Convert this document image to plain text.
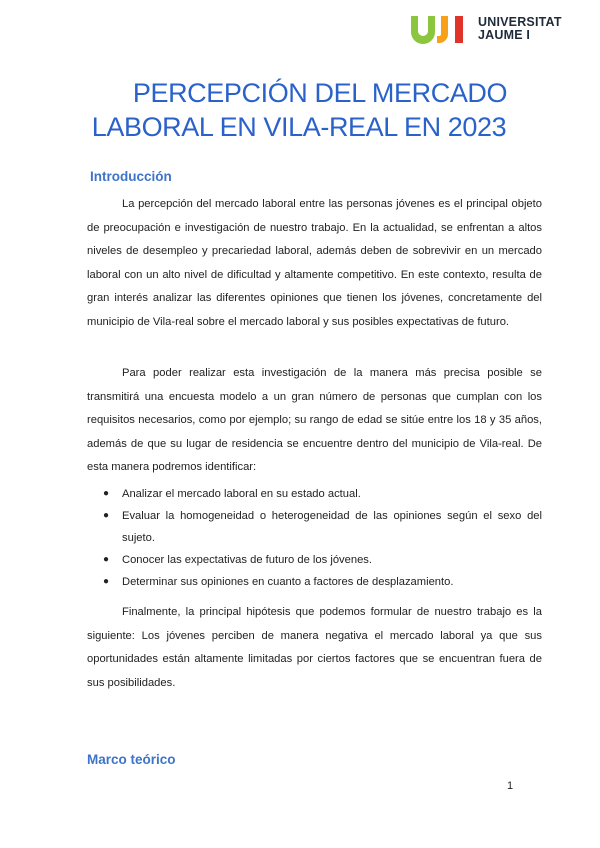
UNIVERSITAT
JAUME I
PERCEPCIÓN DEL MERCADO
LABORAL EN VILA-REAL EN 2023
Introducción

La percepción del mercado laboral entre las personas jóvenes es el principal objeto de preocupación e investigación de nuestro trabajo. En la actualidad, se enfrentan a altos niveles de desempleo y precariedad laboral, además deben de sobrevivir en un mercado laboral con un alto nivel de dificultad y altamente competitivo. En este contexto, resulta de gran interés analizar las diferentes opiniones que tienen los jóvenes, concretamente del municipio de Vila-real sobre el mercado laboral y sus posibles expectativas de futuro.

Para poder realizar esta investigación de la manera más precisa posible se transmitirá una encuesta modelo a un gran número de personas que cumplan con los requisitos necesarios, como por ejemplo; su rango de edad se sitúe entre los 18 y 35 años, además de que su lugar de residencia se encuentre dentro del municipio de Vila-real. De esta manera podremos identificar:

● Analizar el mercado laboral en su estado actual.
● Evaluar la homogeneidad o heterogeneidad de las opiniones según el sexo del sujeto.
● Conocer las expectativas de futuro de los jóvenes.
● Determinar sus opiniones en cuanto a factores de desplazamiento.

Finalmente, la principal hipótesis que podemos formular de nuestro trabajo es la siguiente: Los jóvenes perciben de manera negativa el mercado laboral ya que sus oportunidades están altamente limitadas por ciertos factores que se encuentran fuera de sus posibilidades.

Marco teórico
1
